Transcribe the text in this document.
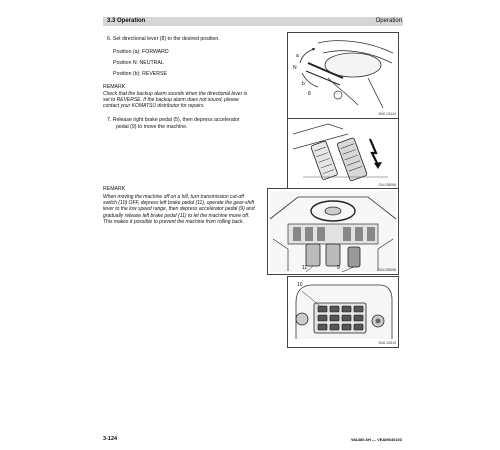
3.3 Operation	Operation
6. Set directional lever (8) to the desired position.
Position (a): FORWARD
Position N: NEUTRAL
Position (b): REVERSE
REMARK
Check that the backup alarm sounds when the directional lever is set to REVERSE. If the backup alarm does not sound, please contact your KOMATSU distributor for repairs.
7. Release right brake pedal (5), then depress accelerator
pedal (9) to move the machine.
REMARK
When moving the machine off on a hill, turn transmission cut-off switch (10) OFF, depress left brake pedal (11), operate the gear-shift lever to the low speed range, then depress accelerator pedal (9) and gradually release left brake pedal (11) to let the machine move off. This makes it possible to prevent the machine from rolling back.
a
N
b
8
3NG-03144
GN-035098
11	9	GN-035098
10
3NG-03310
3-124	WA380-6H — VEAM640103
